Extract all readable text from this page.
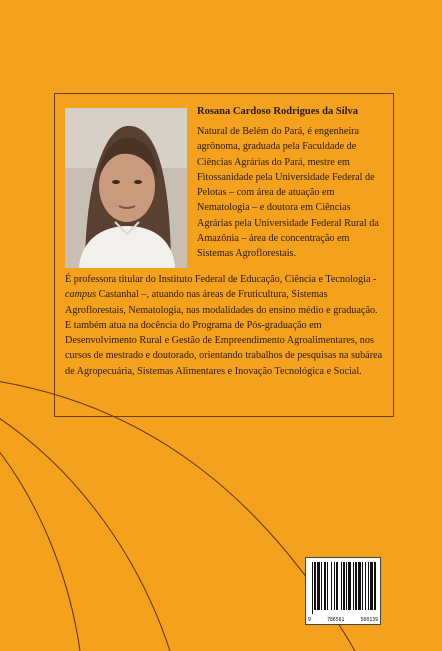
Rosana Cardoso Rodrigues da Silva

Natural de Belém do Pará, é engenheira agrônoma, graduada pela Faculdade de Ciências Agrárias do Pará, mestre em Fitossanidade pela Universidade Federal de Pelotas – com área de atuação em Nematologia – e doutora em Ciências Agrárias pela Universidade Federal Rural da Amazônia – área de concentração em Sistemas Agroflorestais.

É professora titular do Instituto Federal de Educação, Ciência e Tecnologia - campus Castanhal –, atuando nas áreas de Fruticultura, Sistemas Agroflorestais, Nematologia, nas modalidades do ensino médio e graduação. E também atua na docência do Programa de Pós-graduação em Desenvolvimento Rural e Gestão de Empreendimento Agroalimentares, nos cursos de mestrado e doutorado, orientando trabalhos de pesquisas na subárea de Agropecuária, Sistemas Alimentares e Inovação Tecnológica e Social.

9	786561	560139
